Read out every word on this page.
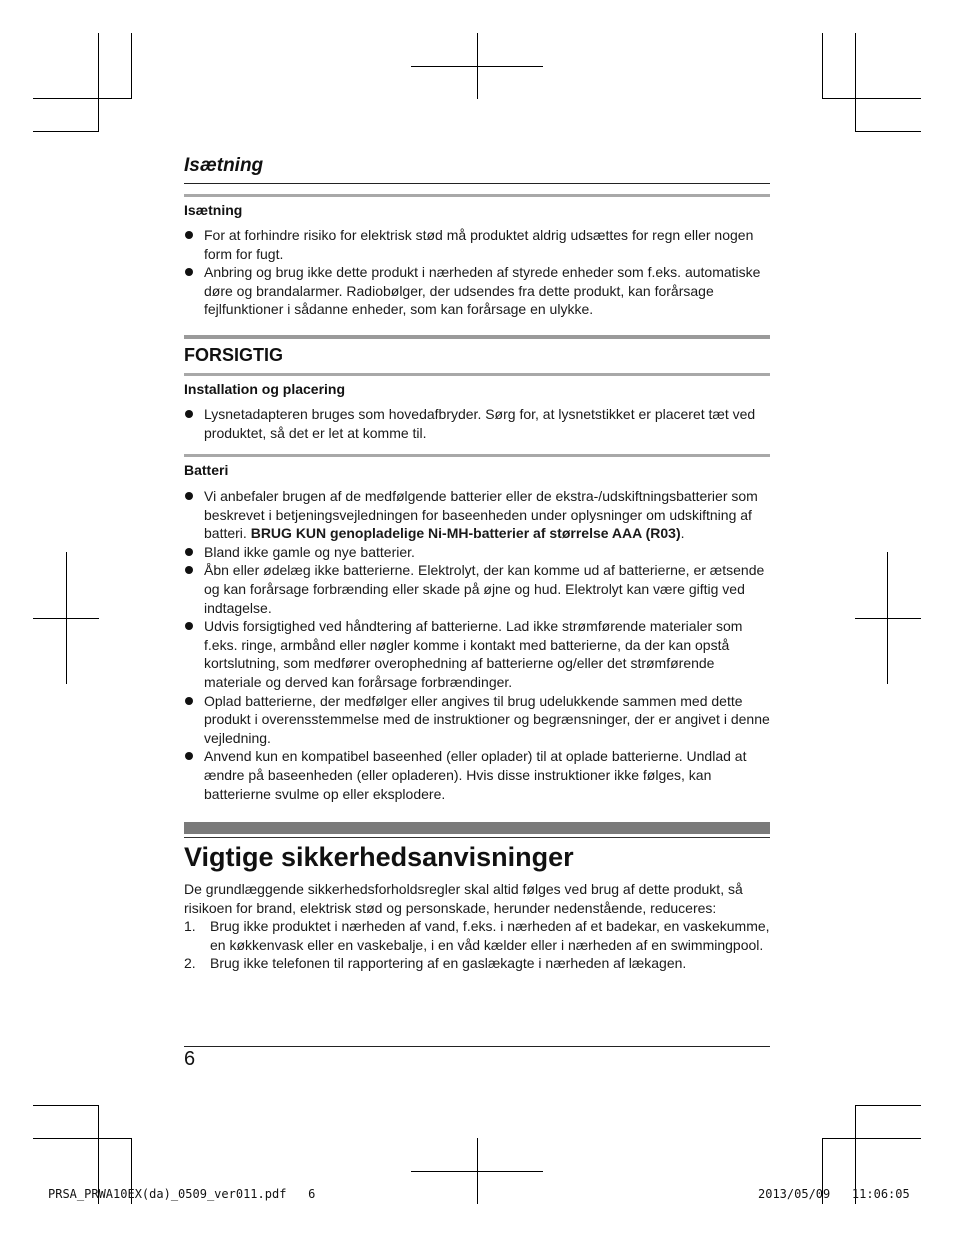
Isætning
Isætning
For at forhindre risiko for elektrisk stød må produktet aldrig udsættes for regn eller nogen form for fugt.
Anbring og brug ikke dette produkt i nærheden af styrede enheder som f.eks. automatiske døre og brandalarmer. Radiobølger, der udsendes fra dette produkt, kan forårsage fejlfunktioner i sådanne enheder, som kan forårsage en ulykke.
FORSIGTIG
Installation og placering
Lysnetadapteren bruges som hovedafbryder. Sørg for, at lysnetstikket er placeret tæt ved produktet, så det er let at komme til.
Batteri
Vi anbefaler brugen af de medfølgende batterier eller de ekstra-/udskiftningsbatterier som beskrevet i betjeningsvejledningen for baseenheden under oplysninger om udskiftning af batteri. BRUG KUN genopladelige Ni-MH-batterier af størrelse AAA (R03).
Bland ikke gamle og nye batterier.
Åbn eller ødelæg ikke batterierne. Elektrolyt, der kan komme ud af batterierne, er ætsende og kan forårsage forbrænding eller skade på øjne og hud. Elektrolyt kan være giftig ved indtagelse.
Udvis forsigtighed ved håndtering af batterierne. Lad ikke strømførende materialer som f.eks. ringe, armbånd eller nøgler komme i kontakt med batterierne, da der kan opstå kortslutning, som medfører overophedning af batterierne og/eller det strømførende materiale og derved kan forårsage forbrændinger.
Oplad batterierne, der medfølger eller angives til brug udelukkende sammen med dette produkt i overensstemmelse med de instruktioner og begrænsninger, der er angivet i denne vejledning.
Anvend kun en kompatibel baseenhed (eller oplader) til at oplade batterierne. Undlad at ændre på baseenheden (eller opladeren). Hvis disse instruktioner ikke følges, kan batterierne svulme op eller eksplodere.
Vigtige sikkerhedsanvisninger
De grundlæggende sikkerhedsforholdsregler skal altid følges ved brug af dette produkt, så risikoen for brand, elektrisk stød og personskade, herunder nedenstående, reduceres:
1. Brug ikke produktet i nærheden af vand, f.eks. i nærheden af et badekar, en vaskekumme, en køkkenvask eller en vaskebalje, i en våd kælder eller i nærheden af en swimmingpool.
2. Brug ikke telefonen til rapportering af en gaslækagte i nærheden af lækagen.
6
PRSA_PRWA10EX(da)_0509_ver011.pdf   6	2013/05/09   11:06:05
